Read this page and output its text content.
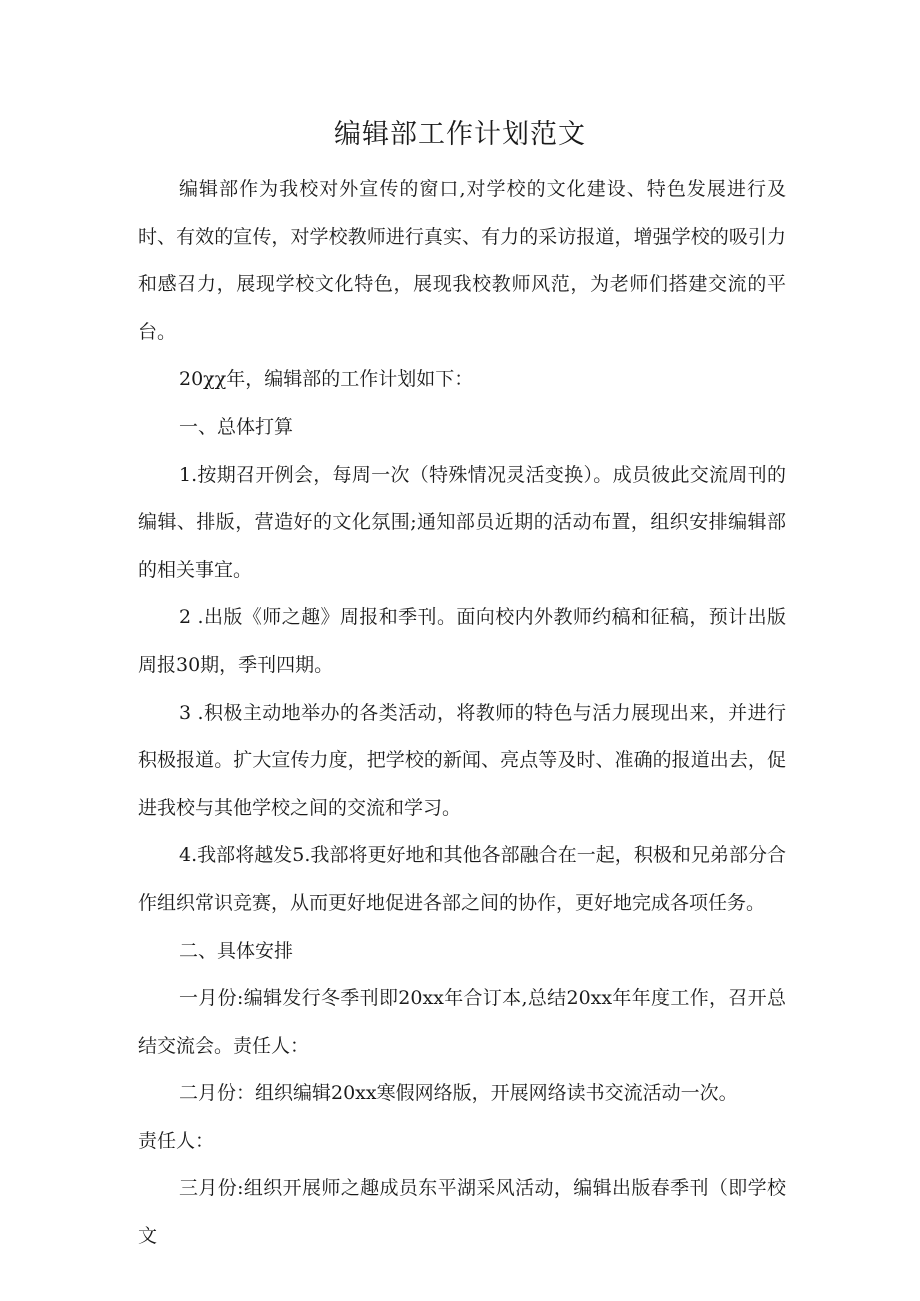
编辑部工作计划范文

编辑部作为我校对外宣传的窗口,对学校的文化建设、特色发展进行及时、有效的宣传，对学校教师进行真实、有力的采访报道，增强学校的吸引力和感召力，展现学校文化特色，展现我校教师风范，为老师们搭建交流的平台。

20χχ年，编辑部的工作计划如下：

一、总体打算

1.按期召开例会，每周一次（特殊情况灵活变换）。成员彼此交流周刊的编辑、排版，营造好的文化氛围;通知部员近期的活动布置，组织安排编辑部的相关事宜。

2 .出版《师之趣》周报和季刊。面向校内外教师约稿和征稿，预计出版周报30期，季刊四期。

3 .积极主动地举办的各类活动，将教师的特色与活力展现出来，并进行积极报道。扩大宣传力度，把学校的新闻、亮点等及时、准确的报道出去，促进我校与其他学校之间的交流和学习。

4.我部将越发5.我部将更好地和其他各部融合在一起，积极和兄弟部分合作组织常识竞赛，从而更好地促进各部之间的协作，更好地完成各项任务。

二、具体安排

一月份:编辑发行冬季刊即20xx年合订本,总结20xx年年度工作，召开总结交流会。责任人：

二月份：组织编辑20xx寒假网络版，开展网络读书交流活动一次。

责任人：

三月份:组织开展师之趣成员东平湖采风活动，编辑出版春季刊（即学校文
